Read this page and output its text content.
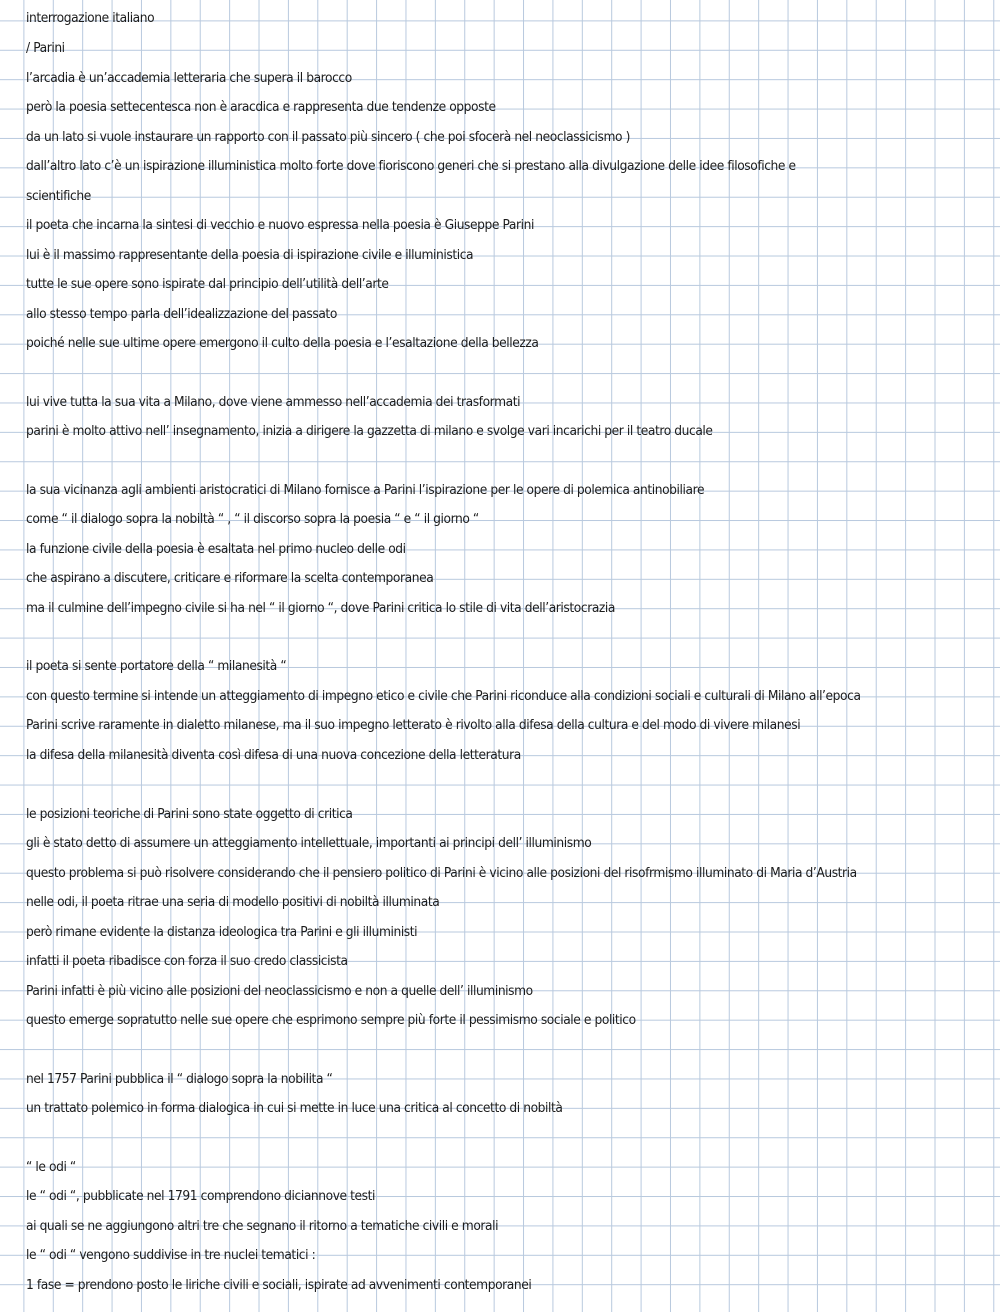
interrogazione italiano
/ Parini
l’arcadia è un’accademia letteraria che supera il barocco
però la poesia settecentesca non è aracdica e rappresenta due tendenze opposte
da un lato si vuole instaurare un rapporto con il passato più sincero ( che poi sfocerà nel neoclassicismo )
dall’altro lato c’è un ispirazione illuministica molto forte dove fioriscono generi che si prestano alla divulgazione delle idee filosofiche e
scientifiche
il poeta che incarna la sintesi di vecchio e nuovo espressa nella poesia è Giuseppe Parini
lui è il massimo rappresentante della poesia di ispirazione civile e illuministica
tutte le sue opere sono ispirate dal principio dell’utilità dell’arte
allo stesso tempo parla dell’idealizzazione del passato
poiché nelle sue ultime opere emergono il culto della poesia e l’esaltazione della bellezza
lui vive tutta la sua vita a Milano, dove viene ammesso nell’accademia dei trasformati
parini è molto attivo nell’ insegnamento, inizia a dirigere la gazzetta di milano e svolge vari incarichi per il teatro ducale
la sua vicinanza agli ambienti aristocratici di Milano fornisce a Parini l’ispirazione per le opere di polemica antinobiliare
come “ il dialogo sopra la nobiltà “ , “ il discorso sopra la poesia “ e “ il giorno “
la funzione civile della poesia è esaltata nel primo nucleo delle odi
che aspirano a discutere, criticare e riformare la scelta contemporanea
ma il culmine dell’impegno civile si ha nel “ il giorno “, dove Parini critica lo stile di vita dell’aristocrazia
il poeta si sente portatore della “ milanesità “
con questo termine si intende un atteggiamento di impegno etico e civile che Parini riconduce alla condizioni sociali e culturali di Milano all’epoca
Parini scrive raramente in dialetto milanese, ma il suo impegno letterato è rivolto alla difesa della cultura e del modo di vivere milanesi
la difesa della milanesità diventa così difesa di una nuova concezione della letteratura
le posizioni teoriche di Parini sono state oggetto di critica
gli è stato detto di assumere un atteggiamento intellettuale, importanti ai principi dell’ illuminismo
questo problema si può risolvere considerando che il pensiero politico di Parini è vicino alle posizioni del risofrmismo illuminato di Maria d’Austria
nelle odi, il poeta ritrae una seria di modello positivi di nobiltà illuminata
però rimane evidente la distanza ideologica tra Parini e gli illuministi
infatti il poeta ribadisce con forza il suo credo classicista
Parini infatti è più vicino alle posizioni del neoclassicismo e non a quelle dell’ illuminismo
questo emerge sopratutto nelle sue opere che esprimono sempre più forte il pessimismo sociale e politico
nel 1757 Parini pubblica il “ dialogo sopra la nobilita “
un trattato polemico in forma dialogica in cui si mette in luce una critica al concetto di nobiltà
“ le odi “
le “ odi “, pubblicate nel 1791 comprendono diciannove testi
ai quali se ne aggiungono altri tre che segnano il ritorno a tematiche civili e morali
le “ odi “ vengono suddivise in tre nuclei tematici :
1 fase = prendono posto le liriche civili e sociali, ispirate ad avvenimenti contemporanei
